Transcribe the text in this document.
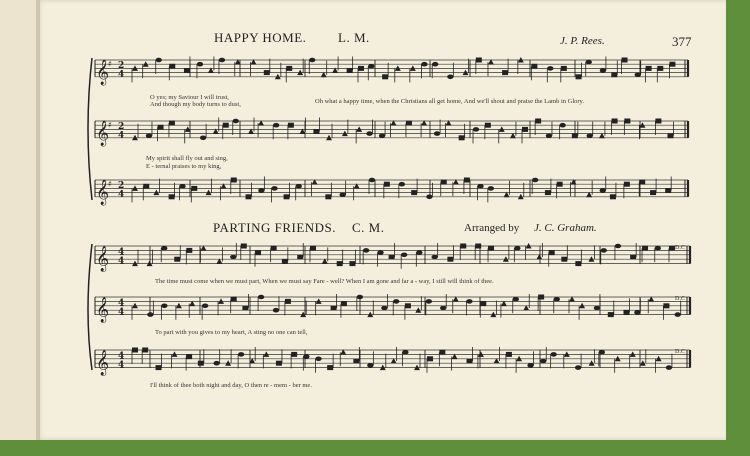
𝄞 2
4
♯
𝄞 2
4
♯
𝄞 2
4
♯
𝄞 4
4
𝄞 4
4
𝄞 4
4
HAPPY HOME. L. M.	J. P. Rees.	377
O yes; my Saviour I will trust,
And though my body turns to dust,	Oh what a happy time, when the Christians all get home, And we'll shout and praise the Lamb in Glory.
My spirit shall fly out and sing,
E - ternal praises to my king,
PARTING FRIENDS. C. M.	Arranged by J. C. Graham.
The time must come when we must part, When we must say Fare - well? When I am gone and far a - way, I still will think of thee.
To part with you gives to my heart, A sting no one can tell,
I'll think of thee both night and day, O then re - mem - ber me.
D.C
D.C
D.C
